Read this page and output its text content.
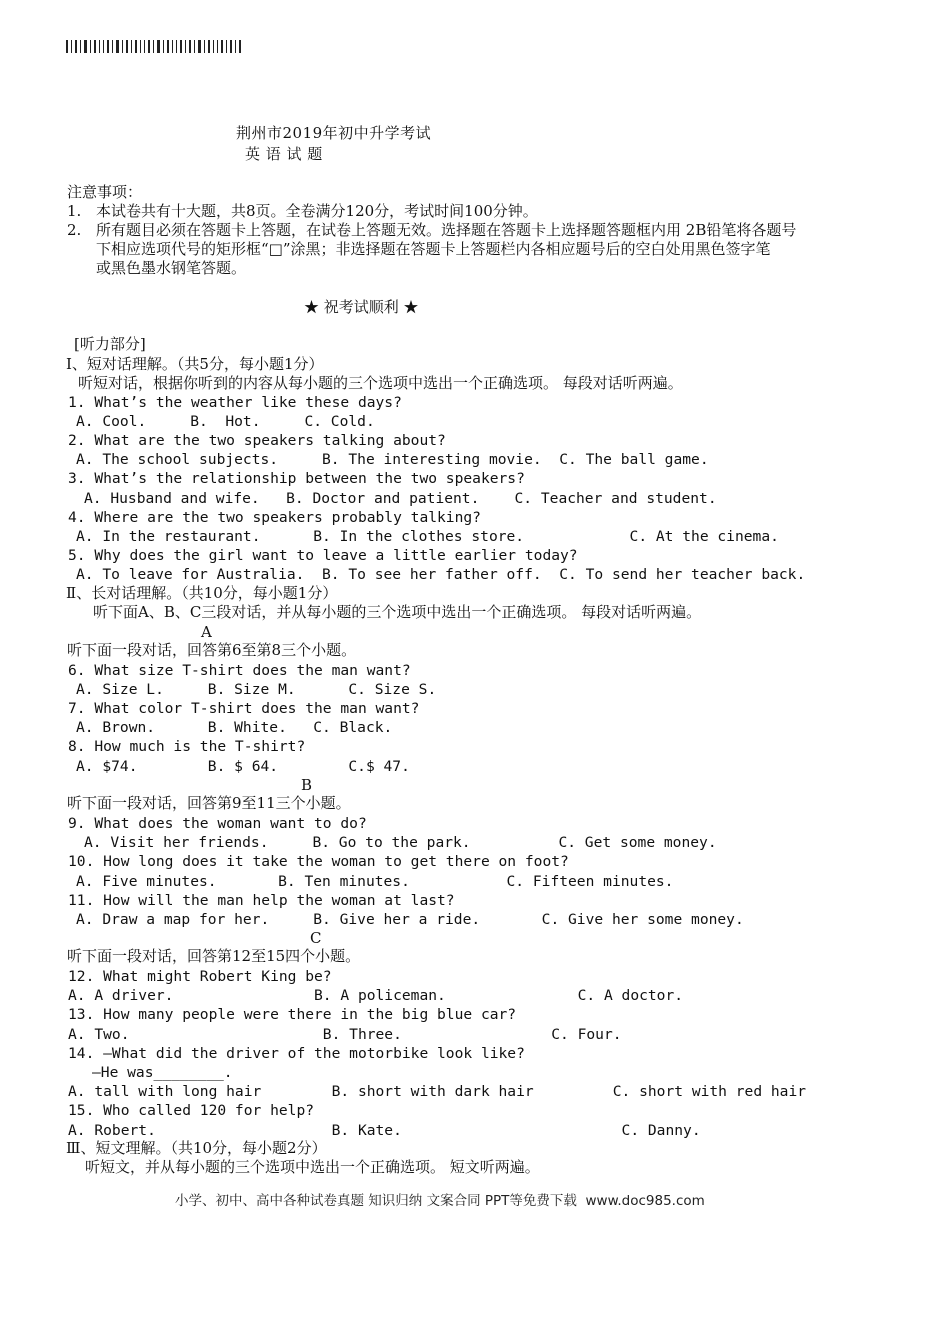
荆州市2019年初中升学考试
英 语 试 题
注意事项：
1. 本试卷共有十大题，共8页。全卷满分120分，考试时间100分钟。
2. 所有题目必须在答题卡上答题，在试卷上答题无效。选择题在答题卡上选择题答题框内用 2B铅笔将各题号
下相应选项代号的矩形框“□”涂黑；非选择题在答题卡上答题栏内各相应题号后的空白处用黑色签字笔
或黑色墨水钢笔答题。
★ 祝考试顺利 ★
[听力部分]
Ⅰ、短对话理解。（共5分，每小题1分）
听短对话，根据你听到的内容从每小题的三个选项中选出一个正确选项。 每段对话听两遍。
1. What’s the weather like these days?
A. Cool.     B.  Hot.     C. Cold.
2. What are the two speakers talking about?
A. The school subjects.     B. The interesting movie.  C. The ball game.
3. What’s the relationship between the two speakers?
A. Husband and wife.   B. Doctor and patient.    C. Teacher and student.
4. Where are the two speakers probably talking?
A. In the restaurant.      B. In the clothes store.            C. At the cinema.
5. Why does the girl want to leave a little earlier today?
A. To leave for Australia.  B. To see her father off.  C. To send her teacher back.
Ⅱ、长对话理解。（共10分，每小题1分）
听下面A、B、C三段对话，并从每小题的三个选项中选出一个正确选项。 每段对话听两遍。
A
听下面一段对话，回答第6至第8三个小题。
6. What size T-shirt does the man want?
A. Size L.     B. Size M.      C. Size S.
7. What color T-shirt does the man want?
A. Brown.      B. White.   C. Black.
8. How much is the T-shirt?
A. $74.        B. $ 64.        C.$ 47.
B
听下面一段对话，回答第9至11三个小题。
9. What does the woman want to do?
A. Visit her friends.     B. Go to the park.          C. Get some money.
10. How long does it take the woman to get there on foot?
A. Five minutes.       B. Ten minutes.           C. Fifteen minutes.
11. How will the man help the woman at last?
A. Draw a map for her.     B. Give her a ride.       C. Give her some money.
C
听下面一段对话，回答第12至15四个小题。
12. What might Robert King be?
A. A driver.                B. A policeman.               C. A doctor.
13. How many people were there in the big blue car?
A. Two.                      B. Three.                 C. Four.
14. —What did the driver of the motorbike look like?
—He was________.
A. tall with long hair        B. short with dark hair         C. short with red hair
15. Who called 120 for help?
A. Robert.                    B. Kate.                         C. Danny.
Ⅲ、短文理解。（共10分，每小题2分）
听短文，并从每小题的三个选项中选出一个正确选项。 短文听两遍。
小学、初中、高中各种试卷真题 知识归纳 文案合同 PPT等免费下载  www.doc985.com
